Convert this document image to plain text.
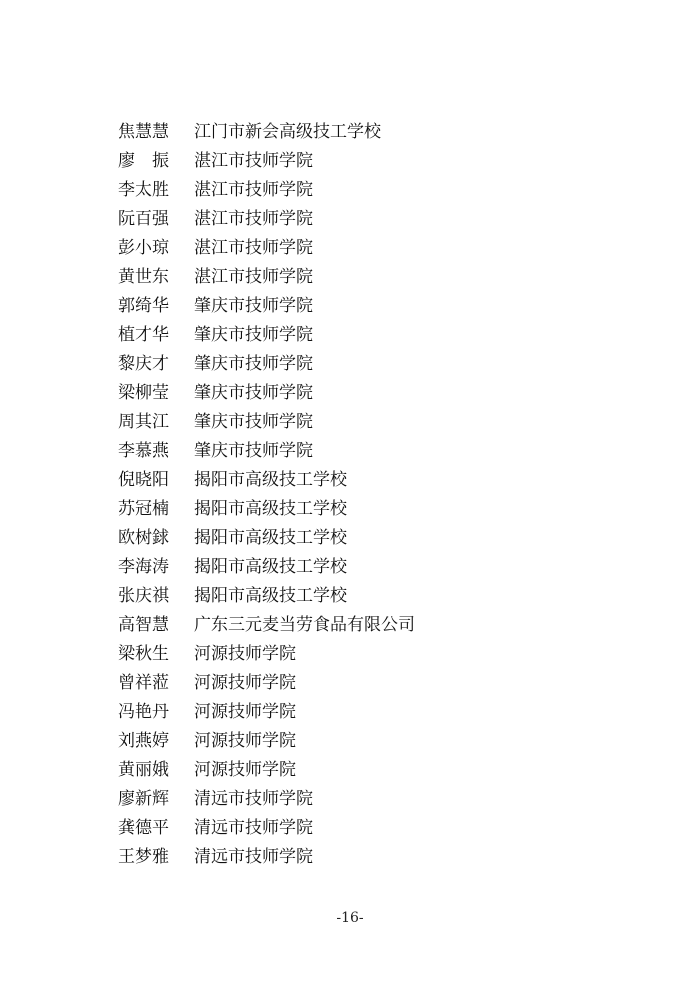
焦慧慧	江门市新会高级技工学校
廖　振	湛江市技师学院
李太胜	湛江市技师学院
阮百强	湛江市技师学院
彭小琼	湛江市技师学院
黄世东	湛江市技师学院
郭绮华	肇庆市技师学院
植才华	肇庆市技师学院
黎庆才	肇庆市技师学院
梁柳莹	肇庆市技师学院
周其江	肇庆市技师学院
李慕燕	肇庆市技师学院
倪晓阳	揭阳市高级技工学校
苏冠楠	揭阳市高级技工学校
欧树銶	揭阳市高级技工学校
李海涛	揭阳市高级技工学校
张庆祺	揭阳市高级技工学校
高智慧	广东三元麦当劳食品有限公司
梁秋生	河源技师学院
曾祥蒞	河源技师学院
冯艳丹	河源技师学院
刘燕婷	河源技师学院
黄丽娥	河源技师学院
廖新辉	清远市技师学院
龚德平	清远市技师学院
王梦雅	清远市技师学院
-16-
